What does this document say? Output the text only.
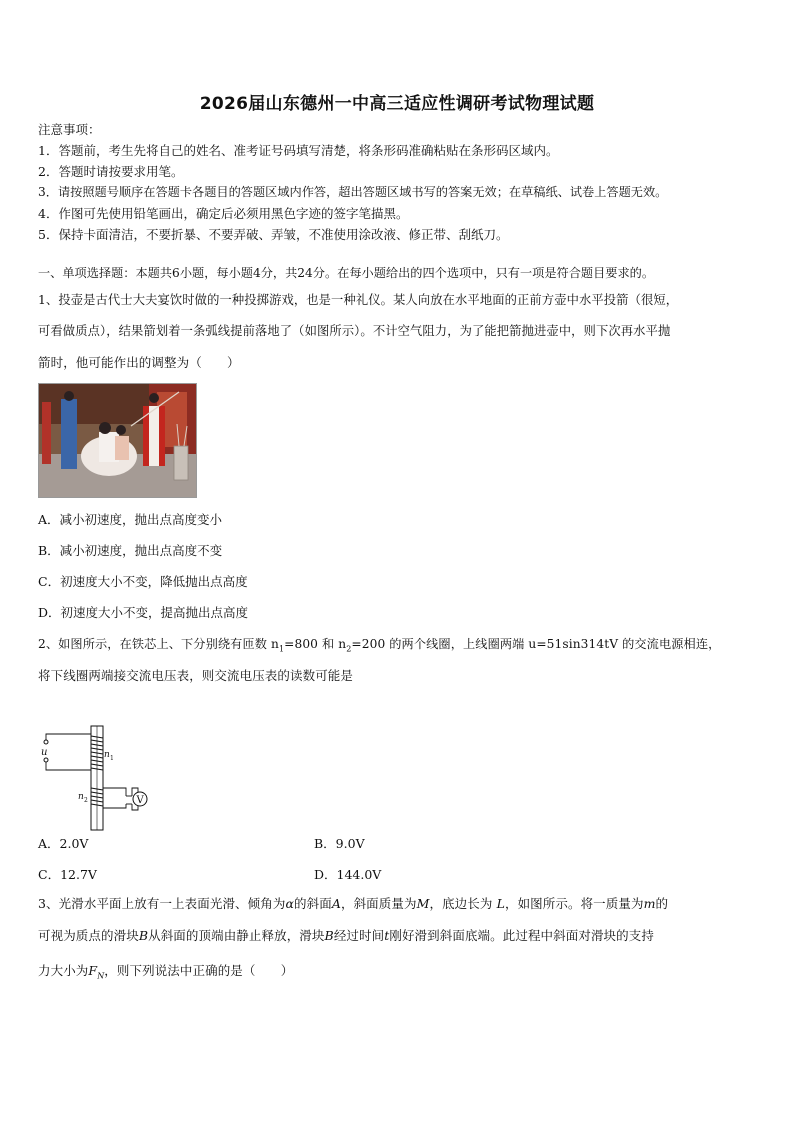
2026届山东德州一中高三适应性调研考试物理试题
注意事项：
1．答题前，考生先将自己的姓名、准考证号码填写清楚，将条形码准确粘贴在条形码区域内。
2．答题时请按要求用笔。
3．请按照题号顺序在答题卡各题目的答题区域内作答，超出答题区域书写的答案无效；在草稿纸、试卷上答题无效。
4．作图可先使用铅笔画出，确定后必须用黑色字迹的签字笔描黑。
5．保持卡面清洁，不要折暴、不要弄破、弄皱，不准使用涂改液、修正带、刮纸刀。
一、单项选择题：本题共6小题，每小题4分，共24分。在每小题给出的四个选项中，只有一项是符合题目要求的。
1、投壶是古代士大夫宴饮时做的一种投掷游戏，也是一种礼仪。某人向放在水平地面的正前方壶中水平投箭（很短，
可看做质点），结果箭划着一条弧线提前落地了（如图所示）。不计空气阻力，为了能把箭抛进壶中，则下次再水平抛
箭时，他可能作出的调整为（　　）
A．减小初速度，抛出点高度变小
B．减小初速度，抛出点高度不变
C．初速度大小不变，降低抛出点高度
D．初速度大小不变，提高抛出点高度
2、如图所示，在铁芯上、下分别绕有匝数 $n_1=800$ 和 $n_2=200$ 的两个线圈，上线圈两端 u=51sin314tV 的交流电源相连，
将下线圈两端接交流电压表，则交流电压表的读数可能是
V
u	n 1
n 2
A．2.0V	B．9.0V
C．12.7V	D．144.0V
3、光滑水平面上放有一上表面光滑、倾角为α的斜面A，斜面质量为M，底边长为 L，如图所示。将一质量为m的
可视为质点的滑块B从斜面的顶端由静止释放，滑块B经过时间t刚好滑到斜面底端。此过程中斜面对滑块的支持
力大小为$F_N$，则下列说法中正确的是（　　）
